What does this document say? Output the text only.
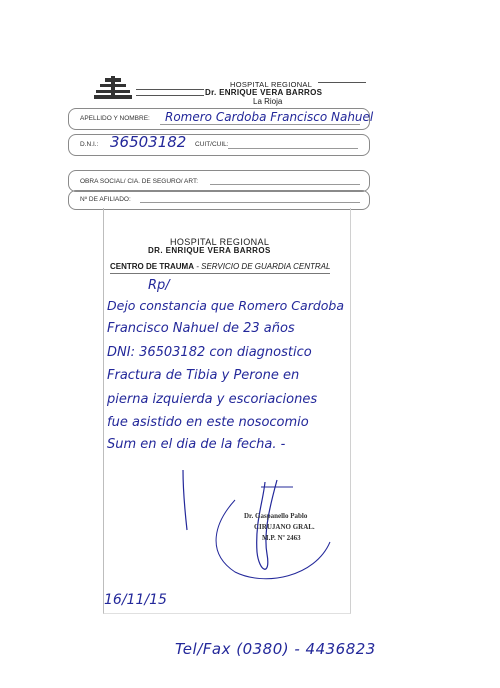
HOSPITAL REGIONAL
Dr. ENRIQUE VERA BARROS
La Rioja
APELLIDO Y NOMBRE: Romero Cardoba Francisco Nahuel
D.N.I.: 36503182 CUIT/CUIL:
OBRA SOCIAL/ CIA. DE SEGURO/ ART:
Nº DE AFILIADO:
HOSPITAL REGIONAL
DR. ENRIQUE VERA BARROS
CENTRO DE TRAUMA - SERVICIO DE GUARDIA CENTRAL
Rp/
Dejo constancia que Romero Cardoba
Francisco Nahuel de 23 años
DNI: 36503182 con diagnostico
Fractura de Tibia y Perone en
pierna izquierda y escoriaciones
fue asistido en este nosocomio
Sum en el dia de la fecha. -
Dr. Gaspanello Pablo
CIRUJANO GRAL.
M.P. Nº 2463
16/11/15
Tel/Fax (0380) - 4436823
